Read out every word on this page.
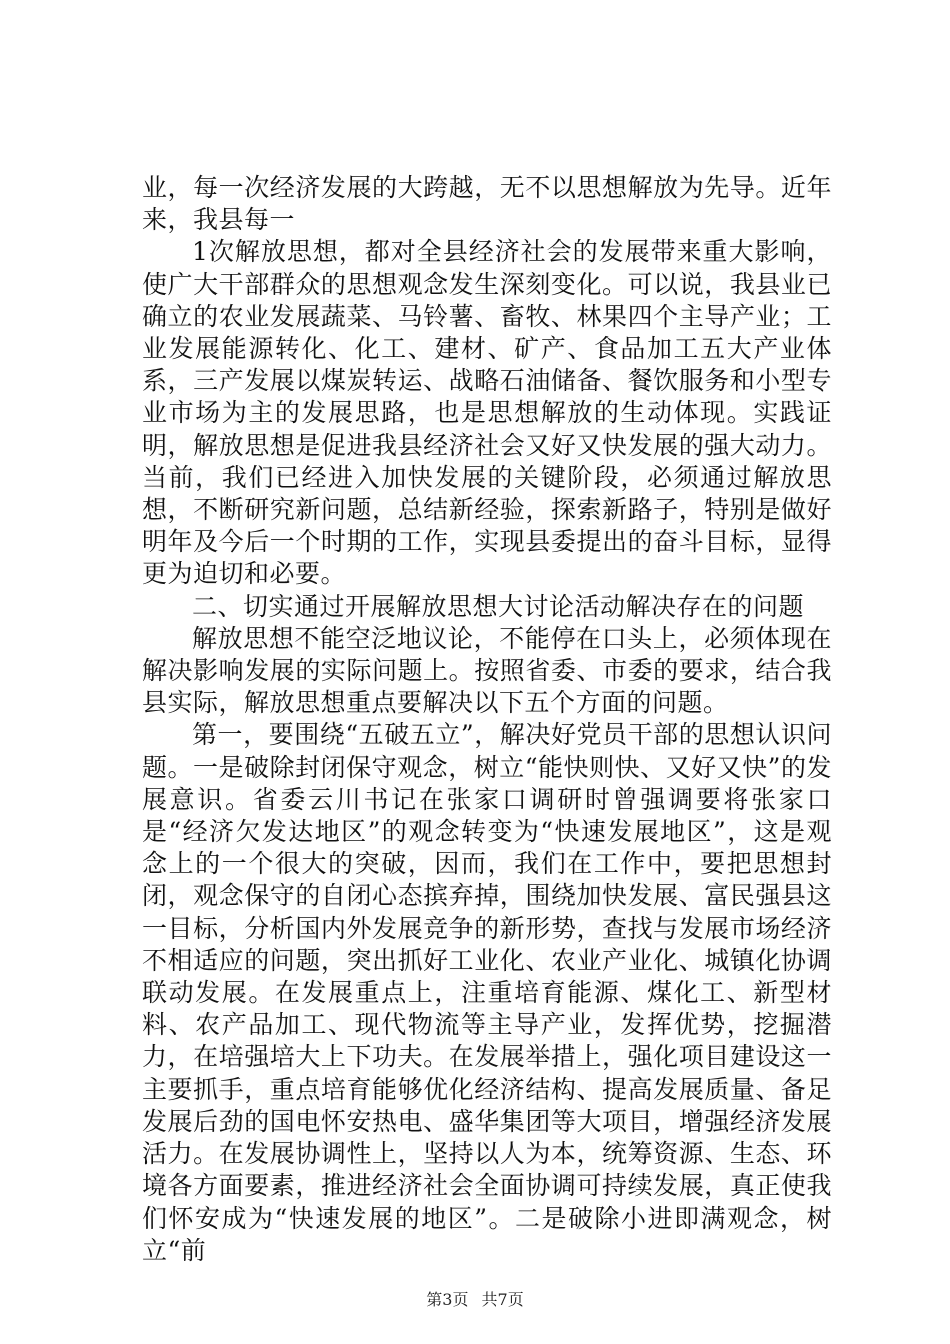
业，每一次经济发展的大跨越，无不以思想解放为先导。近年来，我县每一

1次解放思想，都对全县经济社会的发展带来重大影响，使广大干部群众的思想观念发生深刻变化。可以说，我县业已确立的农业发展蔬菜、马铃薯、畜牧、林果四个主导产业；工业发展能源转化、化工、建材、矿产、食品加工五大产业体系，三产发展以煤炭转运、战略石油储备、餐饮服务和小型专业市场为主的发展思路，也是思想解放的生动体现。实践证明，解放思想是促进我县经济社会又好又快发展的强大动力。当前，我们已经进入加快发展的关键阶段，必须通过解放思想，不断研究新问题，总结新经验，探索新路子，特别是做好明年及今后一个时期的工作，实现县委提出的奋斗目标，显得更为迫切和必要。

二、切实通过开展解放思想大讨论活动解决存在的问题

解放思想不能空泛地议论，不能停在口头上，必须体现在解决影响发展的实际问题上。按照省委、市委的要求，结合我县实际，解放思想重点要解决以下五个方面的问题。

第一，要围绕“五破五立”，解决好党员干部的思想认识问题。一是破除封闭保守观念，树立“能快则快、又好又快”的发展意识。省委云川书记在张家口调研时曾强调要将张家口是“经济欠发达地区”的观念转变为“快速发展地区”，这是观念上的一个很大的突破，因而，我们在工作中，要把思想封闭，观念保守的自闭心态摈弃掉，围绕加快发展、富民强县这一目标，分析国内外发展竞争的新形势，查找与发展市场经济不相适应的问题，突出抓好工业化、农业产业化、城镇化协调联动发展。在发展重点上，注重培育能源、煤化工、新型材料、农产品加工、现代物流等主导产业，发挥优势，挖掘潜力，在培强培大上下功夫。在发展举措上，强化项目建设这一主要抓手，重点培育能够优化经济结构、提高发展质量、备足发展后劲的国电怀安热电、盛华集团等大项目，增强经济发展活力。在发展协调性上，坚持以人为本，统筹资源、生态、环境各方面要素，推进经济社会全面协调可持续发展，真正使我们怀安成为“快速发展的地区”。二是破除小进即满观念，树立“前

第3页 共7页
